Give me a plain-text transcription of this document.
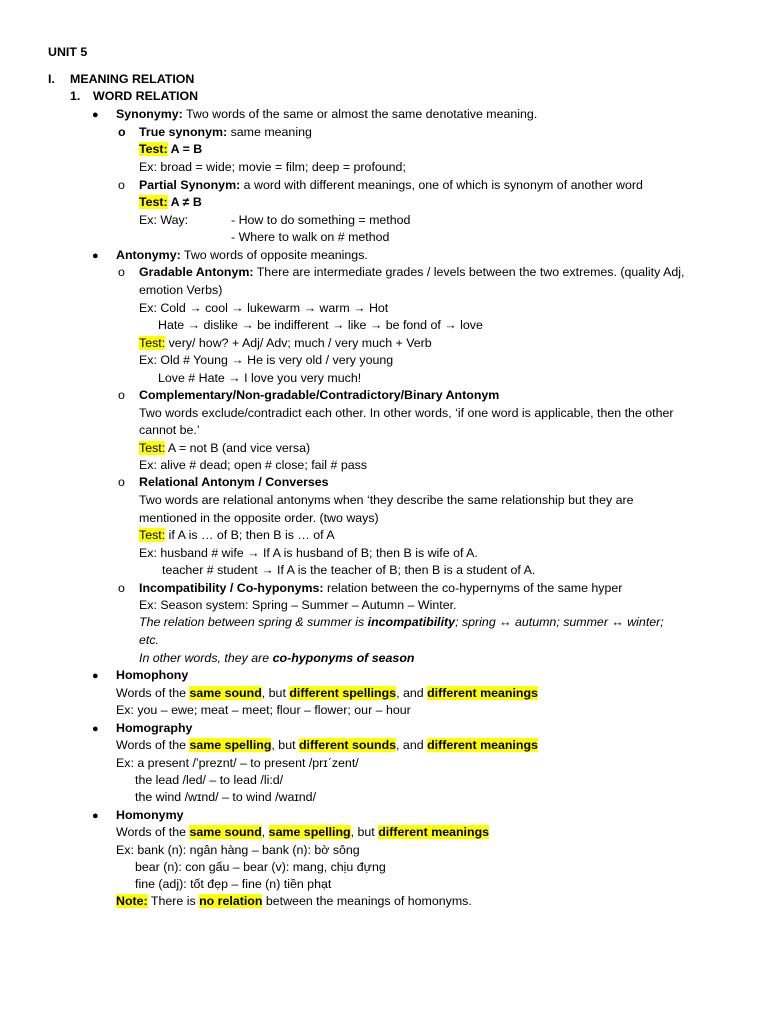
UNIT 5
I. MEANING RELATION
1. WORD RELATION
● Synonymy: Two words of the same or almost the same denotative meaning.
o True synonym: same meaning
Test: A = B
Ex: broad = wide; movie = film; deep = profound;
o Partial Synonym: a word with different meanings, one of which is synonym of another word
Test: A ≠ B
Ex: Way:	- How to do something = method
- Where to walk on # method
● Antonymy: Two words of opposite meanings.
o Gradable Antonym: There are intermediate grades / levels between the two extremes. (quality Adj,
emotion Verbs)
Ex: Cold → cool → lukewarm → warm → Hot
Hate → dislike → be indifferent → like → be fond of → love
Test: very/ how? + Adj/ Adv; much / very much + Verb
Ex: Old # Young → He is very old / very young
Love # Hate → I love you very much!
o Complementary/Non-gradable/Contradictory/Binary Antonym
Two words exclude/contradict each other. In other words, ‘if one word is applicable, then the other
cannot be.’
Test: A = not B (and vice versa)
Ex: alive # dead; open # close; fail # pass
o Relational Antonym / Converses
Two words are relational antonyms when ‘they describe the same relationship but they are
mentioned in the opposite order. (two ways)
Test: if A is … of B; then B is … of A
Ex: husband # wife → If A is husband of B; then B is wife of A.
teacher # student → If A is the teacher of B; then B is a student of A.
o Incompatibility / Co-hyponyms: relation between the co-hypernyms of the same hyper
Ex: Season system: Spring – Summer – Autumn – Winter.
The relation between spring & summer is incompatibility; spring ↔ autumn; summer ↔ winter;
etc.
In other words, they are co-hyponyms of season
● Homophony
Words of the same sound, but different spellings, and different meanings
Ex: you – ewe; meat – meet; flour – flower; our – hour
● Homography
Words of the same spelling, but different sounds, and different meanings
Ex: a present /’preznt/ – to present /prɪˊzent/
the lead /led/ – to lead /li:d/
the wind /wɪnd/ – to wind /waɪnd/
● Homonymy
Words of the same sound, same spelling, but different meanings
Ex: bank (n): ngân hàng – bank (n): bờ sông
bear (n): con gấu – bear (v): mang, chịu đựng
fine (adj): tốt đẹp – fine (n) tiền phạt
Note: There is no relation between the meanings of homonyms.
